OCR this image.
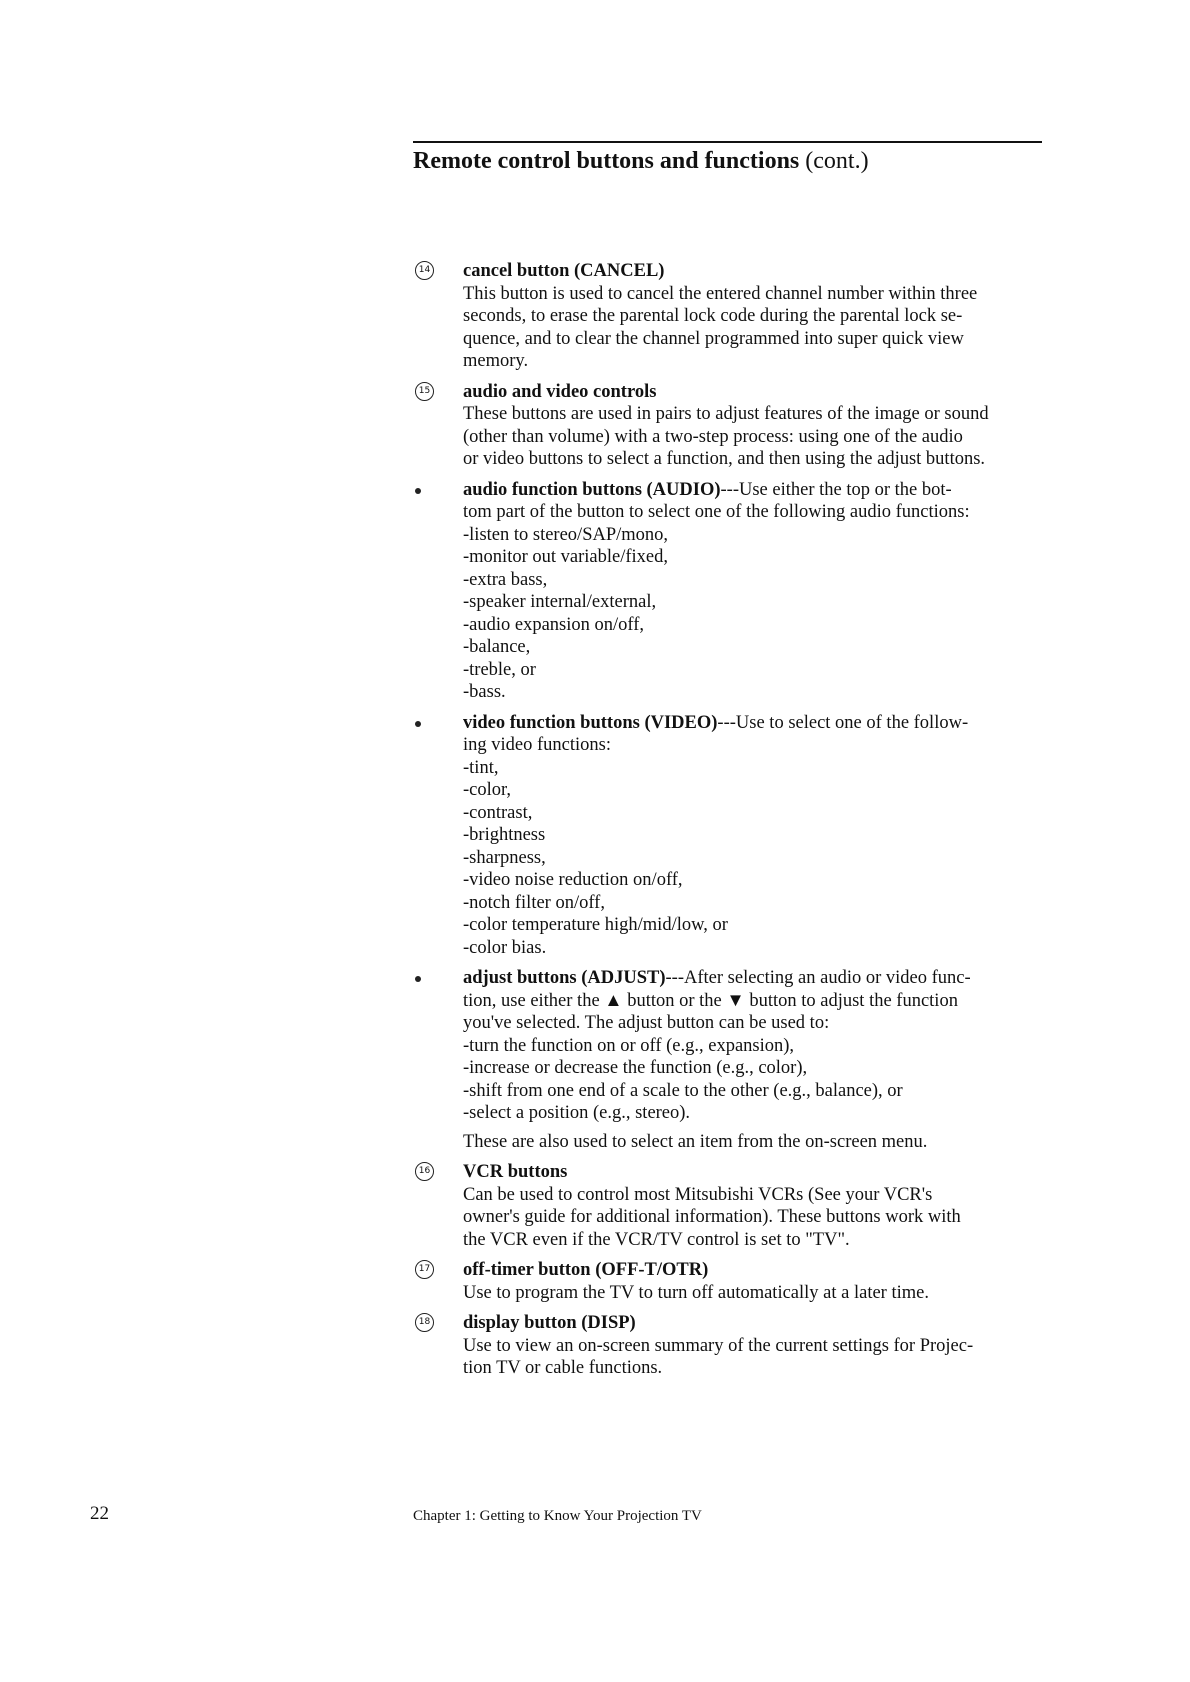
Remote control buttons and functions (cont.)
14 cancel button (CANCEL)
This button is used to cancel the entered channel number within three
seconds, to erase the parental lock code during the parental lock se-
quence, and to clear the channel programmed into super quick view
memory.
15 audio and video controls
These buttons are used in pairs to adjust features of the image or sound
(other than volume) with a two-step process: using one of the audio
or video buttons to select a function, and then using the adjust buttons.
audio function buttons (AUDIO)---Use either the top or the bot-
tom part of the button to select one of the following audio functions:
-listen to stereo/SAP/mono,
-monitor out variable/fixed,
-extra bass,
-speaker internal/external,
-audio expansion on/off,
-balance,
-treble, or
-bass.
video function buttons (VIDEO)---Use to select one of the follow-
ing video functions:
-tint,
-color,
-contrast,
-brightness
-sharpness,
-video noise reduction on/off,
-notch filter on/off,
-color temperature high/mid/low, or
-color bias.
adjust buttons (ADJUST)---After selecting an audio or video func-
tion, use either the ▲ button or the ▼ button to adjust the function
you've selected. The adjust button can be used to:
-turn the function on or off (e.g., expansion),
-increase or decrease the function (e.g., color),
-shift from one end of a scale to the other (e.g., balance), or
-select a position (e.g., stereo).
These are also used to select an item from the on-screen menu.
16 VCR buttons
Can be used to control most Mitsubishi VCRs (See your VCR's
owner's guide for additional information). These buttons work with
the VCR even if the VCR/TV control is set to "TV".
17 off-timer button (OFF-T/OTR)
Use to program the TV to turn off automatically at a later time.
18 display button (DISP)
Use to view an on-screen summary of the current settings for Projec-
tion TV or cable functions.
22	Chapter 1: Getting to Know Your Projection TV
